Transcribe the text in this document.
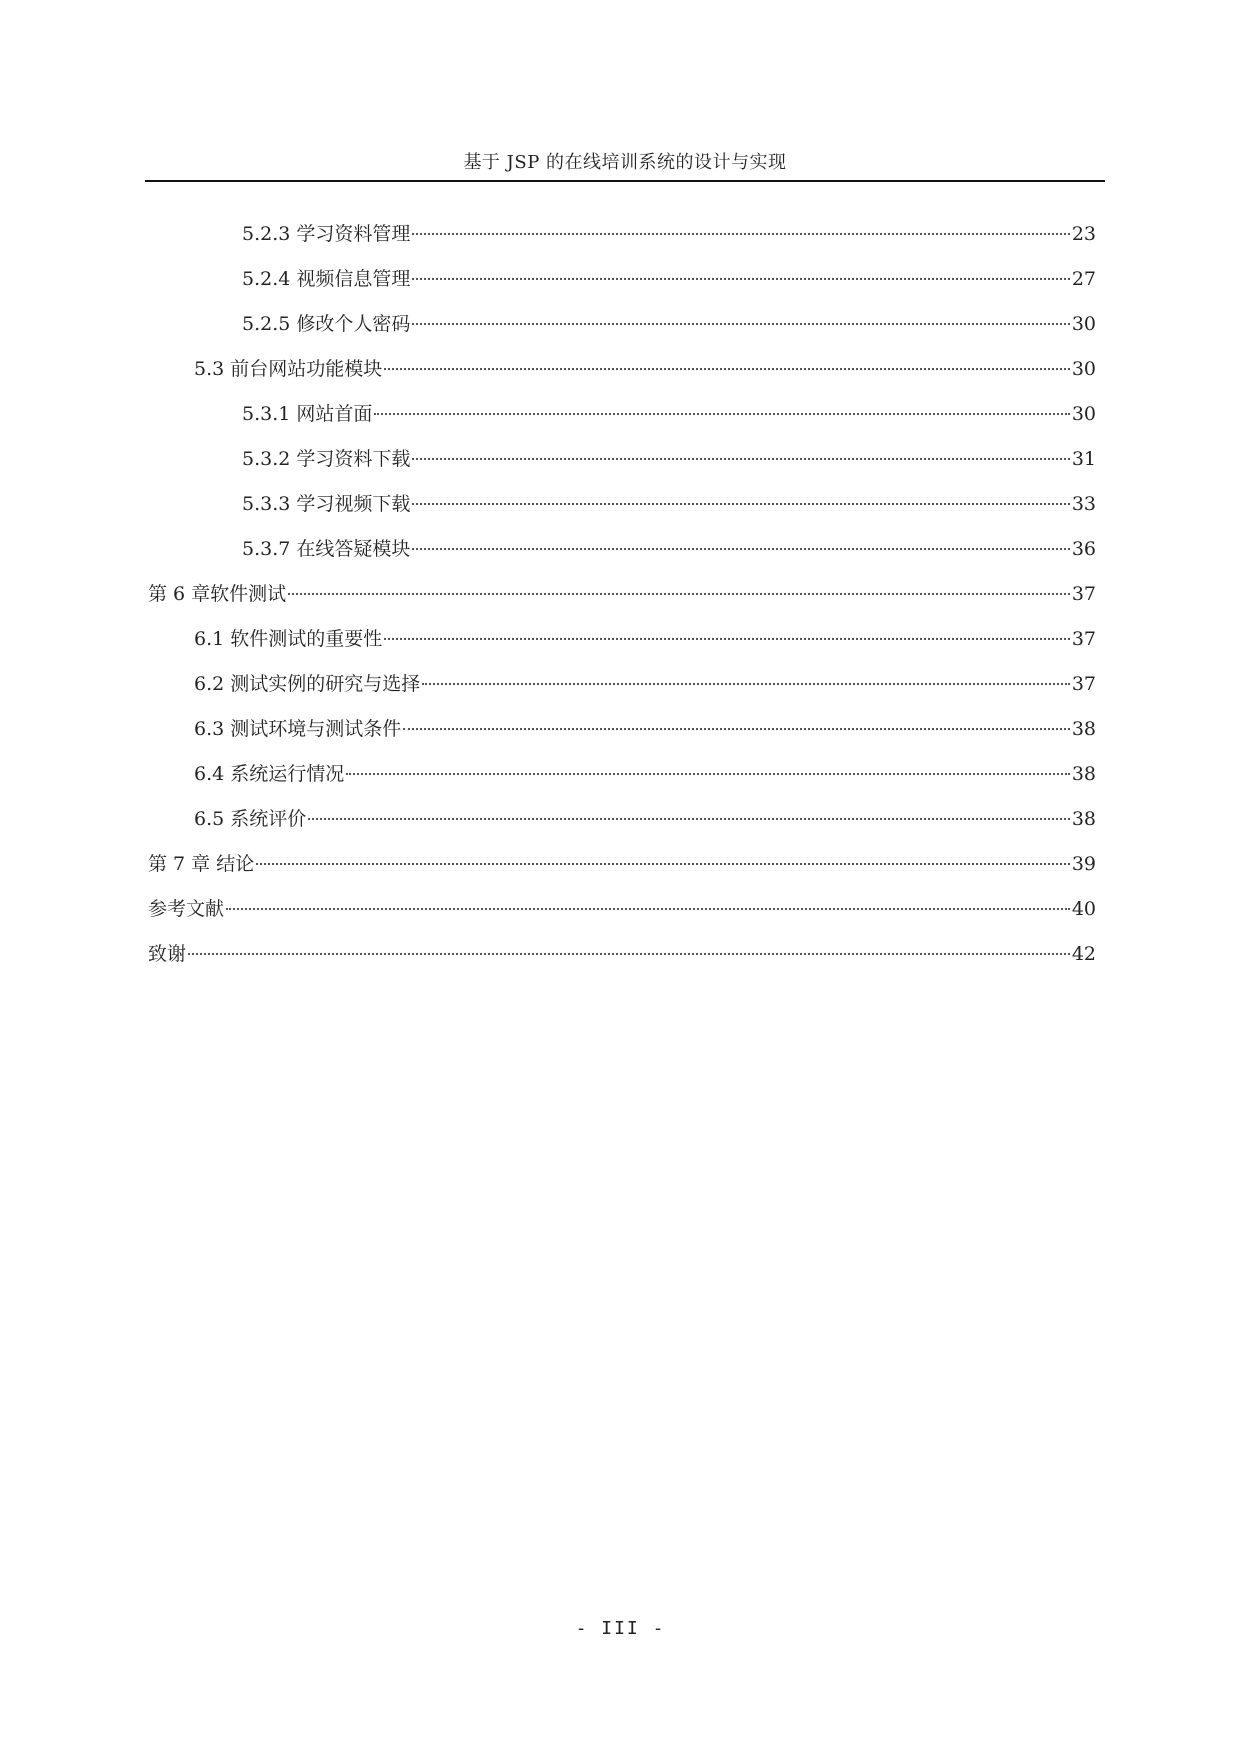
基于 JSP 的在线培训系统的设计与实现
5.2.3 学习资料管理	23
5.2.4 视频信息管理	27
5.2.5 修改个人密码	30
5.3 前台网站功能模块	30
5.3.1 网站首面	30
5.3.2 学习资料下载	31
5.3.3 学习视频下载	33
5.3.7 在线答疑模块	36
第 6 章软件测试	37
6.1 软件测试的重要性	37
6.2 测试实例的研究与选择	37
6.3 测试环境与测试条件	38
6.4 系统运行情况	38
6.5 系统评价	38
第 7 章 结论	39
参考文献	40
致谢	42
- III -
